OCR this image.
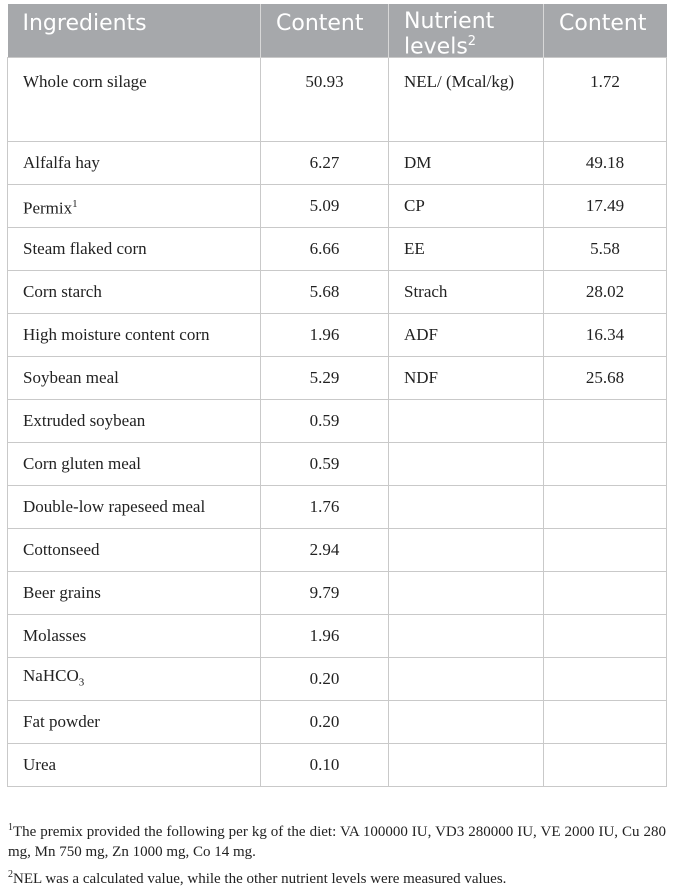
Ingredients	Content	Nutrient levels$^2$	Content
Whole corn silage	50.93	NEL/ (Mcal/kg)	1.72
Alfalfa hay	6.27	DM	49.18
Permix$^1$	5.09	CP	17.49
Steam flaked corn	6.66	EE	5.58
Corn starch	5.68	Strach	28.02
High moisture content corn	1.96	ADF	16.34
Soybean meal	5.29	NDF	25.68
Extruded soybean	0.59		
Corn gluten meal	0.59		
Double-low rapeseed meal	1.76		
Cottonseed	2.94		
Beer grains	9.79		
Molasses	1.96		
NaHCO$_3$	0.20		
Fat powder	0.20		
Urea	0.10		

$^1$The premix provided the following per kg of the diet: VA 100000 IU, VD3 280000 IU, VE 2000 IU, Cu 280 mg, Mn 750 mg, Zn 1000 mg, Co 14 mg.

$^2$NEL was a calculated value, while the other nutrient levels were measured values.
